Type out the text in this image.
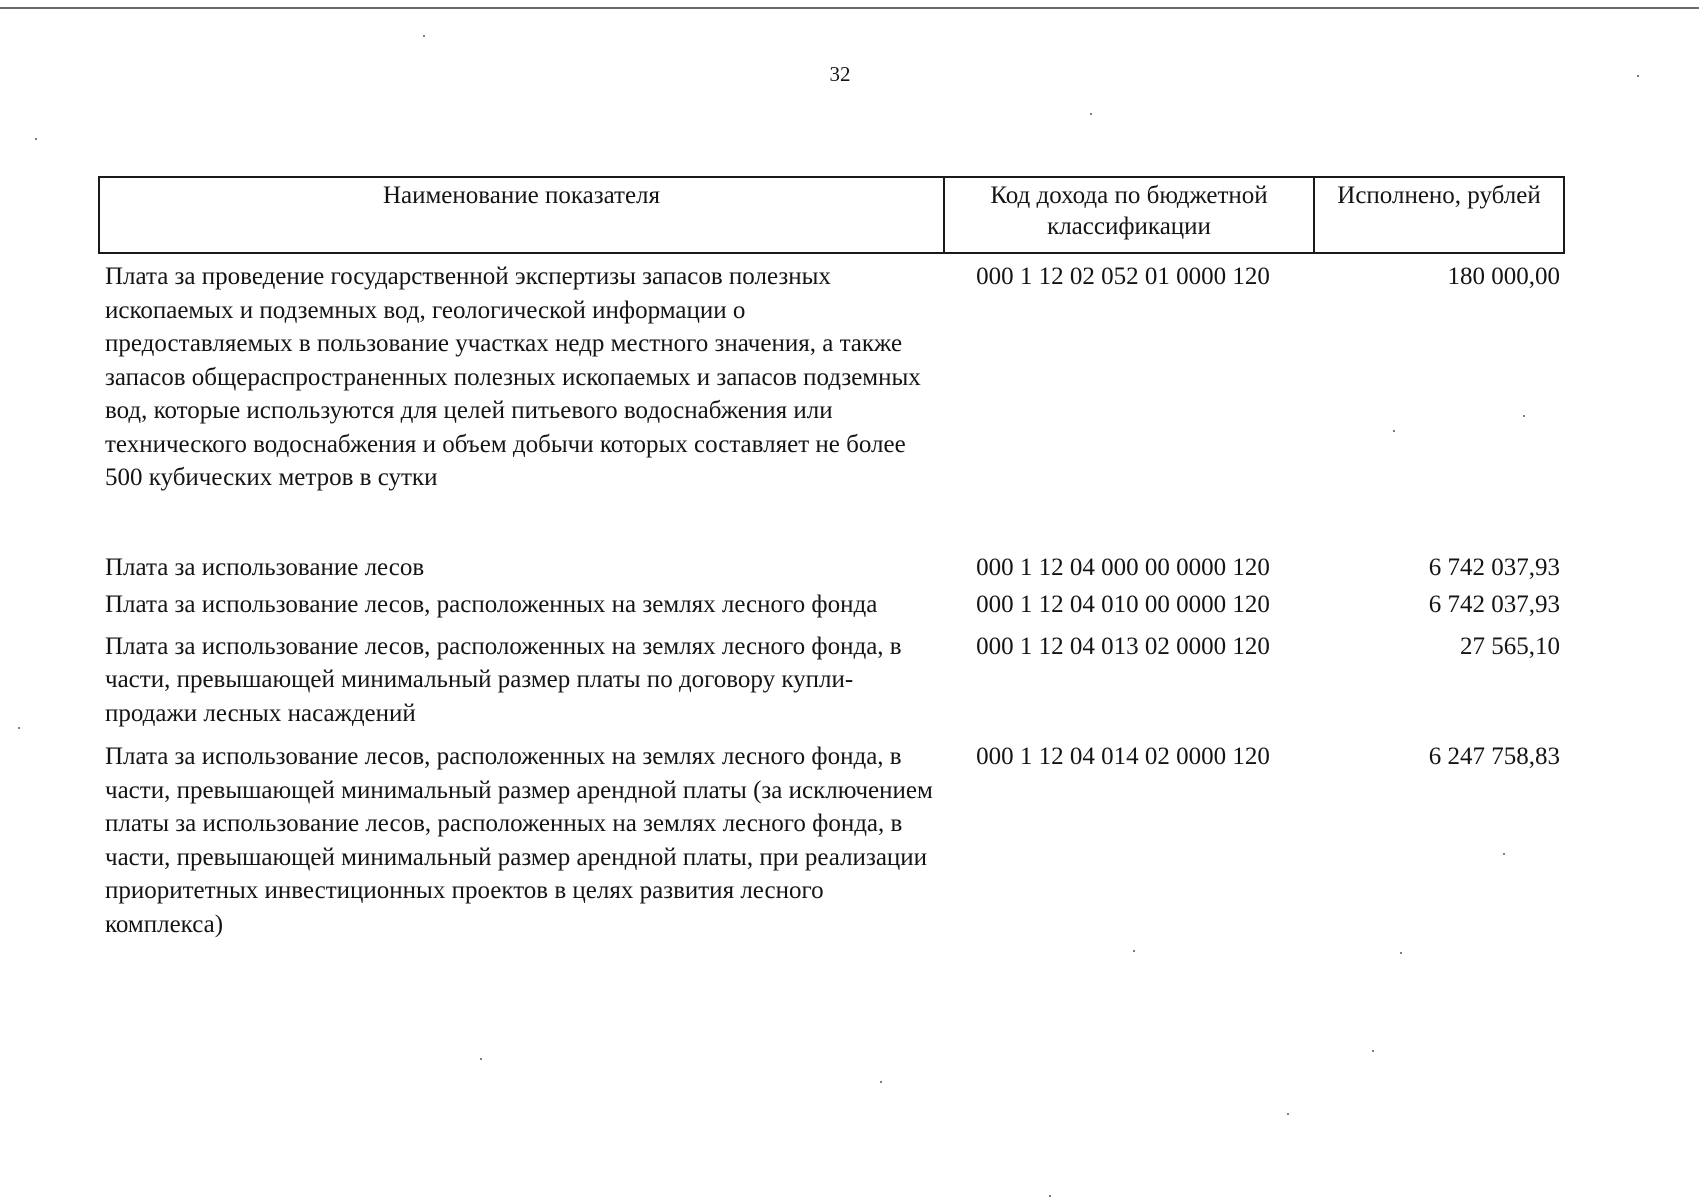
32
Наименование показателя	Код дохода по бюджетной классификации	Исполнено, рублей
Плата за проведение государственной экспертизы запасов полезных ископаемых и подземных вод, геологической информации о предоставляемых в пользование участках недр местного значения, а также запасов общераспространенных полезных ископаемых и запасов подземных вод, которые используются для целей питьевого водоснабжения или технического водоснабжения и объем добычи которых составляет не более 500 кубических метров в сутки	000 1 12 02 052 01 0000 120	180 000,00
Плата за использование лесов	000 1 12 04 000 00 0000 120	6 742 037,93
Плата за использование лесов, расположенных на землях лесного фонда	000 1 12 04 010 00 0000 120	6 742 037,93
Плата за использование лесов, расположенных на землях лесного фонда, в части, превышающей минимальный размер платы по договору купли-продажи лесных насаждений	000 1 12 04 013 02 0000 120	27 565,10
Плата за использование лесов, расположенных на землях лесного фонда, в части, превышающей минимальный размер арендной платы (за исключением платы за использование лесов, расположенных на землях лесного фонда, в части, превышающей минимальный размер арендной платы, при реализации приоритетных инвестиционных проектов в целях развития лесного комплекса)	000 1 12 04 014 02 0000 120	6 247 758,83
